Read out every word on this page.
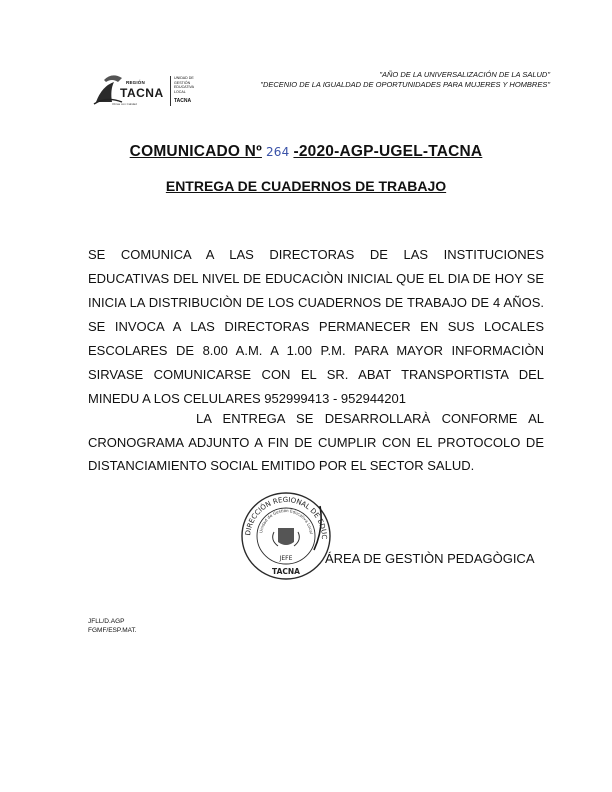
REGIÓN
TACNA
Obras con Calidad
UNIDAD DE
GESTIÓN
EDUCATIVA
LOCAL
TACNA
"AÑO DE LA UNIVERSALIZACIÓN DE LA SALUD"
"DECENIO DE LA IGUALDAD DE OPORTUNIDADES PARA MUJERES Y HOMBRES"
COMUNICADO Nº 264 -2020-AGP-UGEL-TACNA
ENTREGA DE CUADERNOS DE TRABAJO
SE COMUNICA A LAS DIRECTORAS DE LAS INSTITUCIONES EDUCATIVAS DEL NIVEL DE EDUCACIÒN INICIAL QUE EL DIA DE HOY SE INICIA LA DISTRIBUCIÒN DE LOS CUADERNOS DE TRABAJO DE 4 AÑOS. SE INVOCA A LAS DIRECTORAS PERMANECER EN SUS LOCALES ESCOLARES DE 8.00 A.M. A 1.00 P.M. PARA MAYOR INFORMACIÒN SIRVASE COMUNICARSE CON EL SR. ABAT TRANSPORTISTA DEL MINEDU A LOS CELULARES 952999413 - 952944201
LA ENTREGA SE DESARROLLARÀ CONFORME AL CRONOGRAMA ADJUNTO A FIN DE CUMPLIR CON EL PROTOCOLO DE DISTANCIAMIENTO SOCIAL EMITIDO POR EL SECTOR SALUD.
DIRECCIÓN REGIONAL DE EDUC
Unidad de Gestión Educativa Local
JEFE
TACNA
ÁREA DE GESTIÒN PEDAGÒGICA
JFLL/D.AGP
FGMF/ESP.MAT.
